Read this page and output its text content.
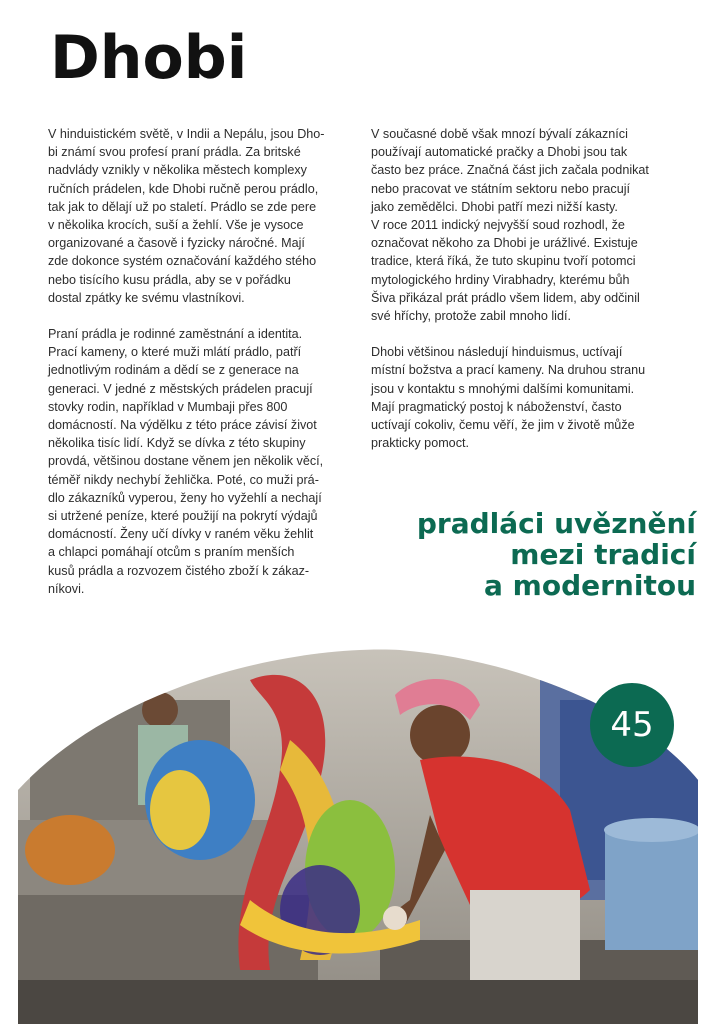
Dhobi

V hinduistickém světě, v Indii a Nepálu, jsou Dho-
bi známí svou profesí praní prádla. Za britské
nadvlády vznikly v několika městech komplexy
ručních prádelen, kde Dhobi ručně perou prádlo,
tak jak to dělají už po staletí. Prádlo se zde pere
v několika krocích, suší a žehlí. Vše je vysoce
organizované a časově i fyzicky náročné. Mají
zde dokonce systém označování každého stého
nebo tisícího kusu prádla, aby se v pořádku
dostal zpátky ke svému vlastníkovi.

Praní prádla je rodinné zaměstnání a identita.
Prací kameny, o které muži mlátí prádlo, patří
jednotlivým rodinám a dědí se z generace na
generaci. V jedné z městských prádelen pracují
stovky rodin, například v Mumbaji přes 800
domácností. Na výdělku z této práce závisí život
několika tisíc lidí. Když se dívka z této skupiny
provdá, většinou dostane věnem jen několik věcí,
téměř nikdy nechybí žehlička. Poté, co muži prá-
dlo zákazníků vyperou, ženy ho vyžehlí a nechají
si utržené peníze, které použijí na pokrytí výdajů
domácností. Ženy učí dívky v raném věku žehlit
a chlapci pomáhají otcům s praním menších
kusů prádla a rozvozem čistého zboží k zákaz-
níkovi.

V současné době však mnozí bývalí zákazníci
používají automatické pračky a Dhobi jsou tak
často bez práce. Značná část jich začala podnikat
nebo pracovat ve státním sektoru nebo pracují
jako zemědělci. Dhobi patří mezi nižší kasty.
V roce 2011 indický nejvyšší soud rozhodl, že
označovat někoho za Dhobi je urážlivé. Existuje
tradice, která říká, že tuto skupinu tvoří potomci
mytologického hrdiny Virabhadry, kterému bůh
Šiva přikázal prát prádlo všem lidem, aby odčinil
své hříchy, protože zabil mnoho lidí.

Dhobi většinou následují hinduismus, uctívají
místní božstva a prací kameny. Na druhou stranu
jsou v kontaktu s mnohými dalšími komunitami.
Mají pragmatický postoj k náboženství, často
uctívají cokoliv, čemu věří, že jim v životě může
prakticky pomoct.

pradláci uvěznění
mezi tradicí
a modernitou
45
